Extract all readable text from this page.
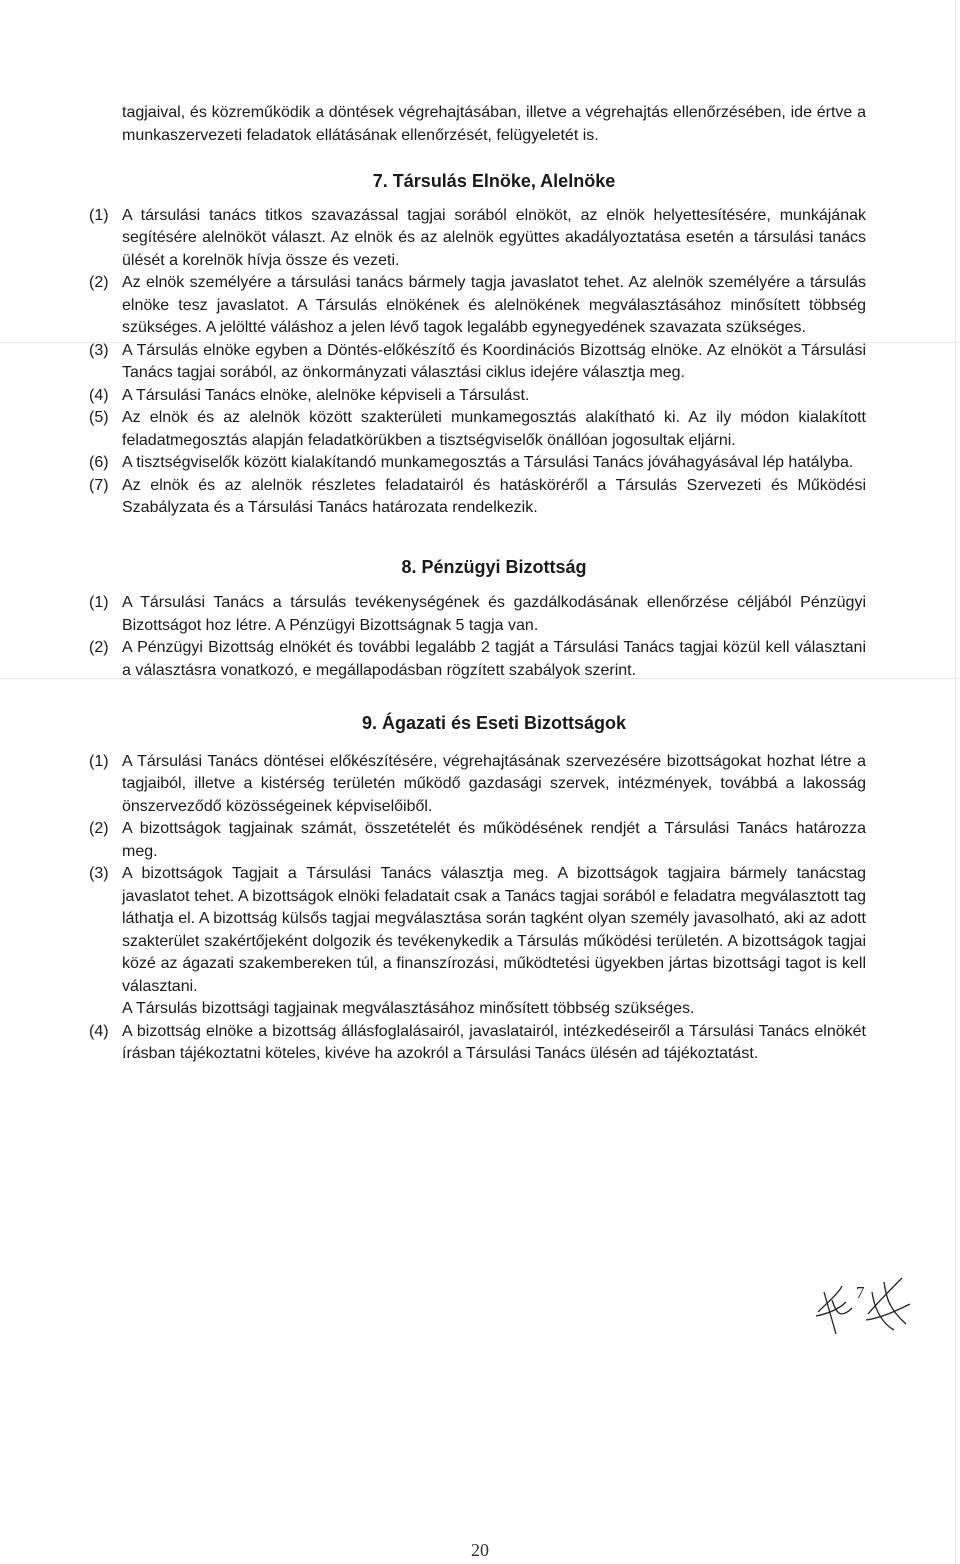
tagjaival, és közreműködik a döntések végrehajtásában, illetve a végrehajtás ellenőrzésében, ide értve a munkaszervezeti feladatok ellátásának ellenőrzését, felügyeletét is.

7. Társulás Elnöke, Alelnöke

(1) A társulási tanács titkos szavazással tagjai sorából elnököt, az elnök helyettesítésére, munkájának segítésére alelnököt választ. Az elnök és az alelnök együttes akadályoztatása esetén a társulási tanács ülését a korelnök hívja össze és vezeti.
(2) Az elnök személyére a társulási tanács bármely tagja javaslatot tehet. Az alelnök személyére a társulás elnöke tesz javaslatot. A Társulás elnökének és alelnökének megválasztásához minősített többség szükséges. A jelöltté váláshoz a jelen lévő tagok legalább egynegyedének szavazata szükséges.
(3) A Társulás elnöke egyben a Döntés-előkészítő és Koordinációs Bizottság elnöke. Az elnököt a Társulási Tanács tagjai sorából, az önkormányzati választási ciklus idejére választja meg.
(4) A Társulási Tanács elnöke, alelnöke képviseli a Társulást.
(5) Az elnök és az alelnök között szakterületi munkamegosztás alakítható ki. Az ily módon kialakított feladatmegosztás alapján feladatkörükben a tisztségviselők önállóan jogosultak eljárni.
(6) A tisztségviselők között kialakítandó munkamegosztás a Társulási Tanács jóváhagyásával lép hatályba.
(7) Az elnök és az alelnök részletes feladatairól és hatásköréről a Társulás Szervezeti és Működési Szabályzata és a Társulási Tanács határozata rendelkezik.

8. Pénzügyi Bizottság

(1) A Társulási Tanács a társulás tevékenységének és gazdálkodásának ellenőrzése céljából Pénzügyi Bizottságot hoz létre. A Pénzügyi Bizottságnak 5 tagja van.
(2) A Pénzügyi Bizottság elnökét és további legalább 2 tagját a Társulási Tanács tagjai közül kell választani a választásra vonatkozó, e megállapodásban rögzített szabályok szerint.

9. Ágazati és Eseti Bizottságok

(1) A Társulási Tanács döntései előkészítésére, végrehajtásának szervezésére bizottságokat hozhat létre a tagjaiból, illetve a kistérség területén működő gazdasági szervek, intézmények, továbbá a lakosság önszerveződő közösségeinek képviselőiből.
(2) A bizottságok tagjainak számát, összetételét és működésének rendjét a Társulási Tanács határozza meg.
(3) A bizottságok Tagjait a Társulási Tanács választja meg. A bizottságok tagjaira bármely tanácstag javaslatot tehet. A bizottságok elnöki feladatait csak a Tanács tagjai sorából e feladatra megválasztott tag láthatja el. A bizottság külsős tagjai megválasztása során tagként olyan személy javasolható, aki az adott szakterület szakértőjeként dolgozik és tevékenykedik a Társulás működési területén. A bizottságok tagjai közé az ágazati szakembereken túl, a finanszírozási, működtetési ügyekben jártas bizottsági tagot is kell választani.

A Társulás bizottsági tagjainak megválasztásához minősített többség szükséges.

(4) A bizottság elnöke a bizottság állásfoglalásairól, javaslatairól, intézkedéseiről a Társulási Tanács elnökét írásban tájékoztatni köteles, kivéve ha azokról a Társulási Tanács ülésén ad tájékoztatást.
7
20
